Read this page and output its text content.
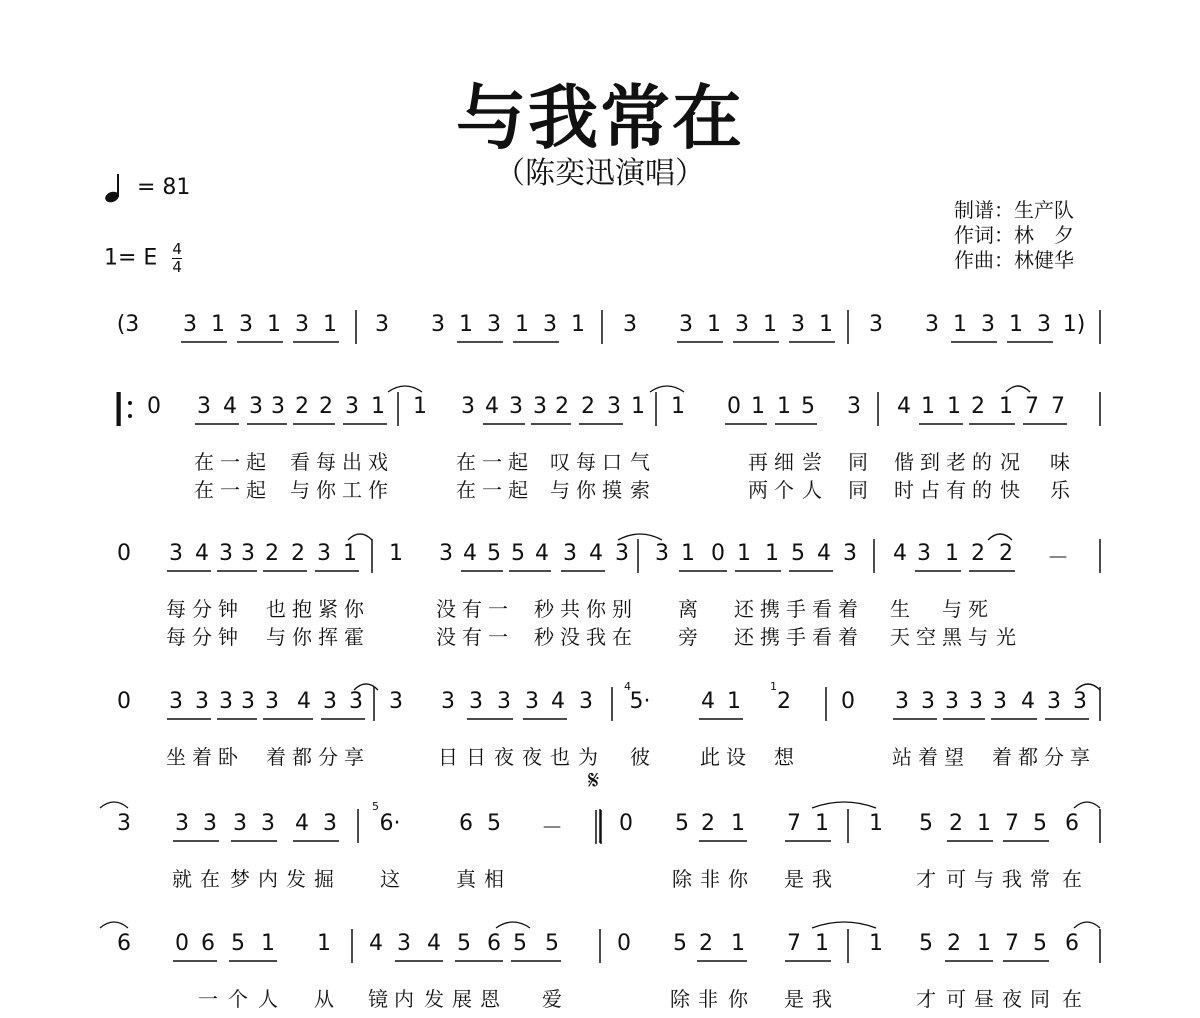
与我常在
（陈奕迅演唱）
= 81
1= E $\frac{4}{4}$
制谱：生产队
作词：林　夕
作曲：林健华
(3 3 1 3 1 3 1 3 3 1 3 1 3 1 3 3 1 3 1 3 1 3 3 1 3 1 3 1)
0 3 4 3 3 2 2 3 1 1 3 4 3 3 2 2 3 1 1 0 1 1 5 3 4 1 1 2 1 7 7
在 一 起 看 每 出 戏	在 一 起 叹 每 口 气	再 细 尝 同 偕 到 老 的 况 味
在 一 起 与 你 工 作	在 一 起 与 你 摸 索	两 个 人 同 时 占 有 的 快 乐
0 3 4 3 3 2 2 3 1 1 3 4 5 5 4 3 4 3 3 1 0 1 1 5 4 3 4 3 1 2 2 －
每 分 钟 也 抱 紧 你	没 有 一 秒 共 你 别 离 还 携 手 看 着 生 与 死
每 分 钟 与 你 挥 霍	没 有 一 秒 没 我 在 旁 还 携 手 看 着 天 空 黑 与 光
0 3 3 3 3 3 4 3 3 3 3 3 3 3 4 3 5· 4 1 2 0 3 3 3 3 3 4 3 3
坐 着 卧 着 都 分 享	日 日 夜 夜 也 为 彼	此 设 想	站 着 望 着 都 分 享
3 3 3 3 3 4 3 6·	6 5 －	0 5 2 1 7 1 1 5 2 1 7 5 6
就 在 梦 内 发 掘 这	真 相	除 非 你 是 我	才 可 与 我 常 在
6 0 6 5 1 1 4 3 4 5 6 5 5	0 5 2 1 7 1 1 5 2 1 7 5 6
一 个 人 从 镜 内 发 展 恩 爱	除 非 你 是 我	才 可 昼 夜 同 在
4	1
5
𝄋
